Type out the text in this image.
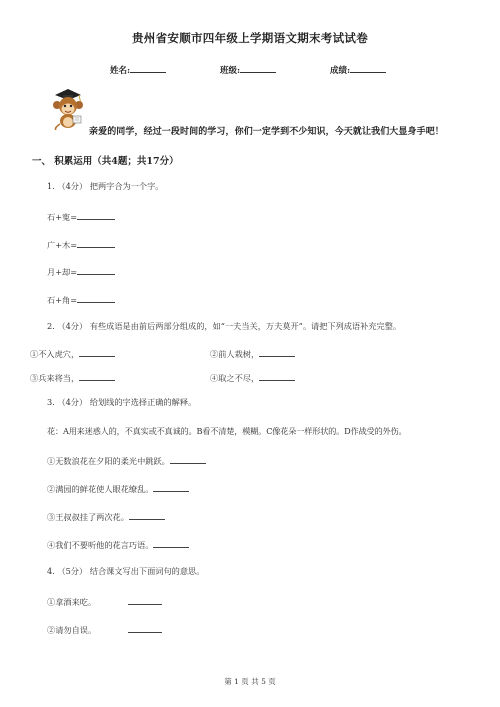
贵州省安顺市四年级上学期语文期末考试试卷
姓名:	班级:	成绩:
亲爱的同学，经过一段时间的学习，你们一定学到不少知识，今天就让我们大显身手吧！
一、 积累运用（共4题；共17分）
1. （4分） 把两字合为一个字。
石+寃=
广+木=
月+却=
石+角=
2. （4分） 有些成语是由前后两部分组成的，如“一夫当关，万夫莫开”。请把下列成语补充完整。
①不入虎穴，	②前人栽树，
③兵来将当，	④取之不尽，
3. （4分） 给划线的字选择正确的解释。
花：A用来迷惑人的，不真实或不真诚的。B看不清楚，模糊。C像花朵一样形状的。D作战受的外伤。
①无数浪花在夕阳的柔光中跳跃。
②满园的鲜花使人眼花缭乱。
③王叔叔挂了两次花。
④我们不要听他的花言巧语。
4. （5分） 结合课文写出下面词句的意思。
①拿酒来吃。
②请勿自误。
第 1 页 共 5 页
